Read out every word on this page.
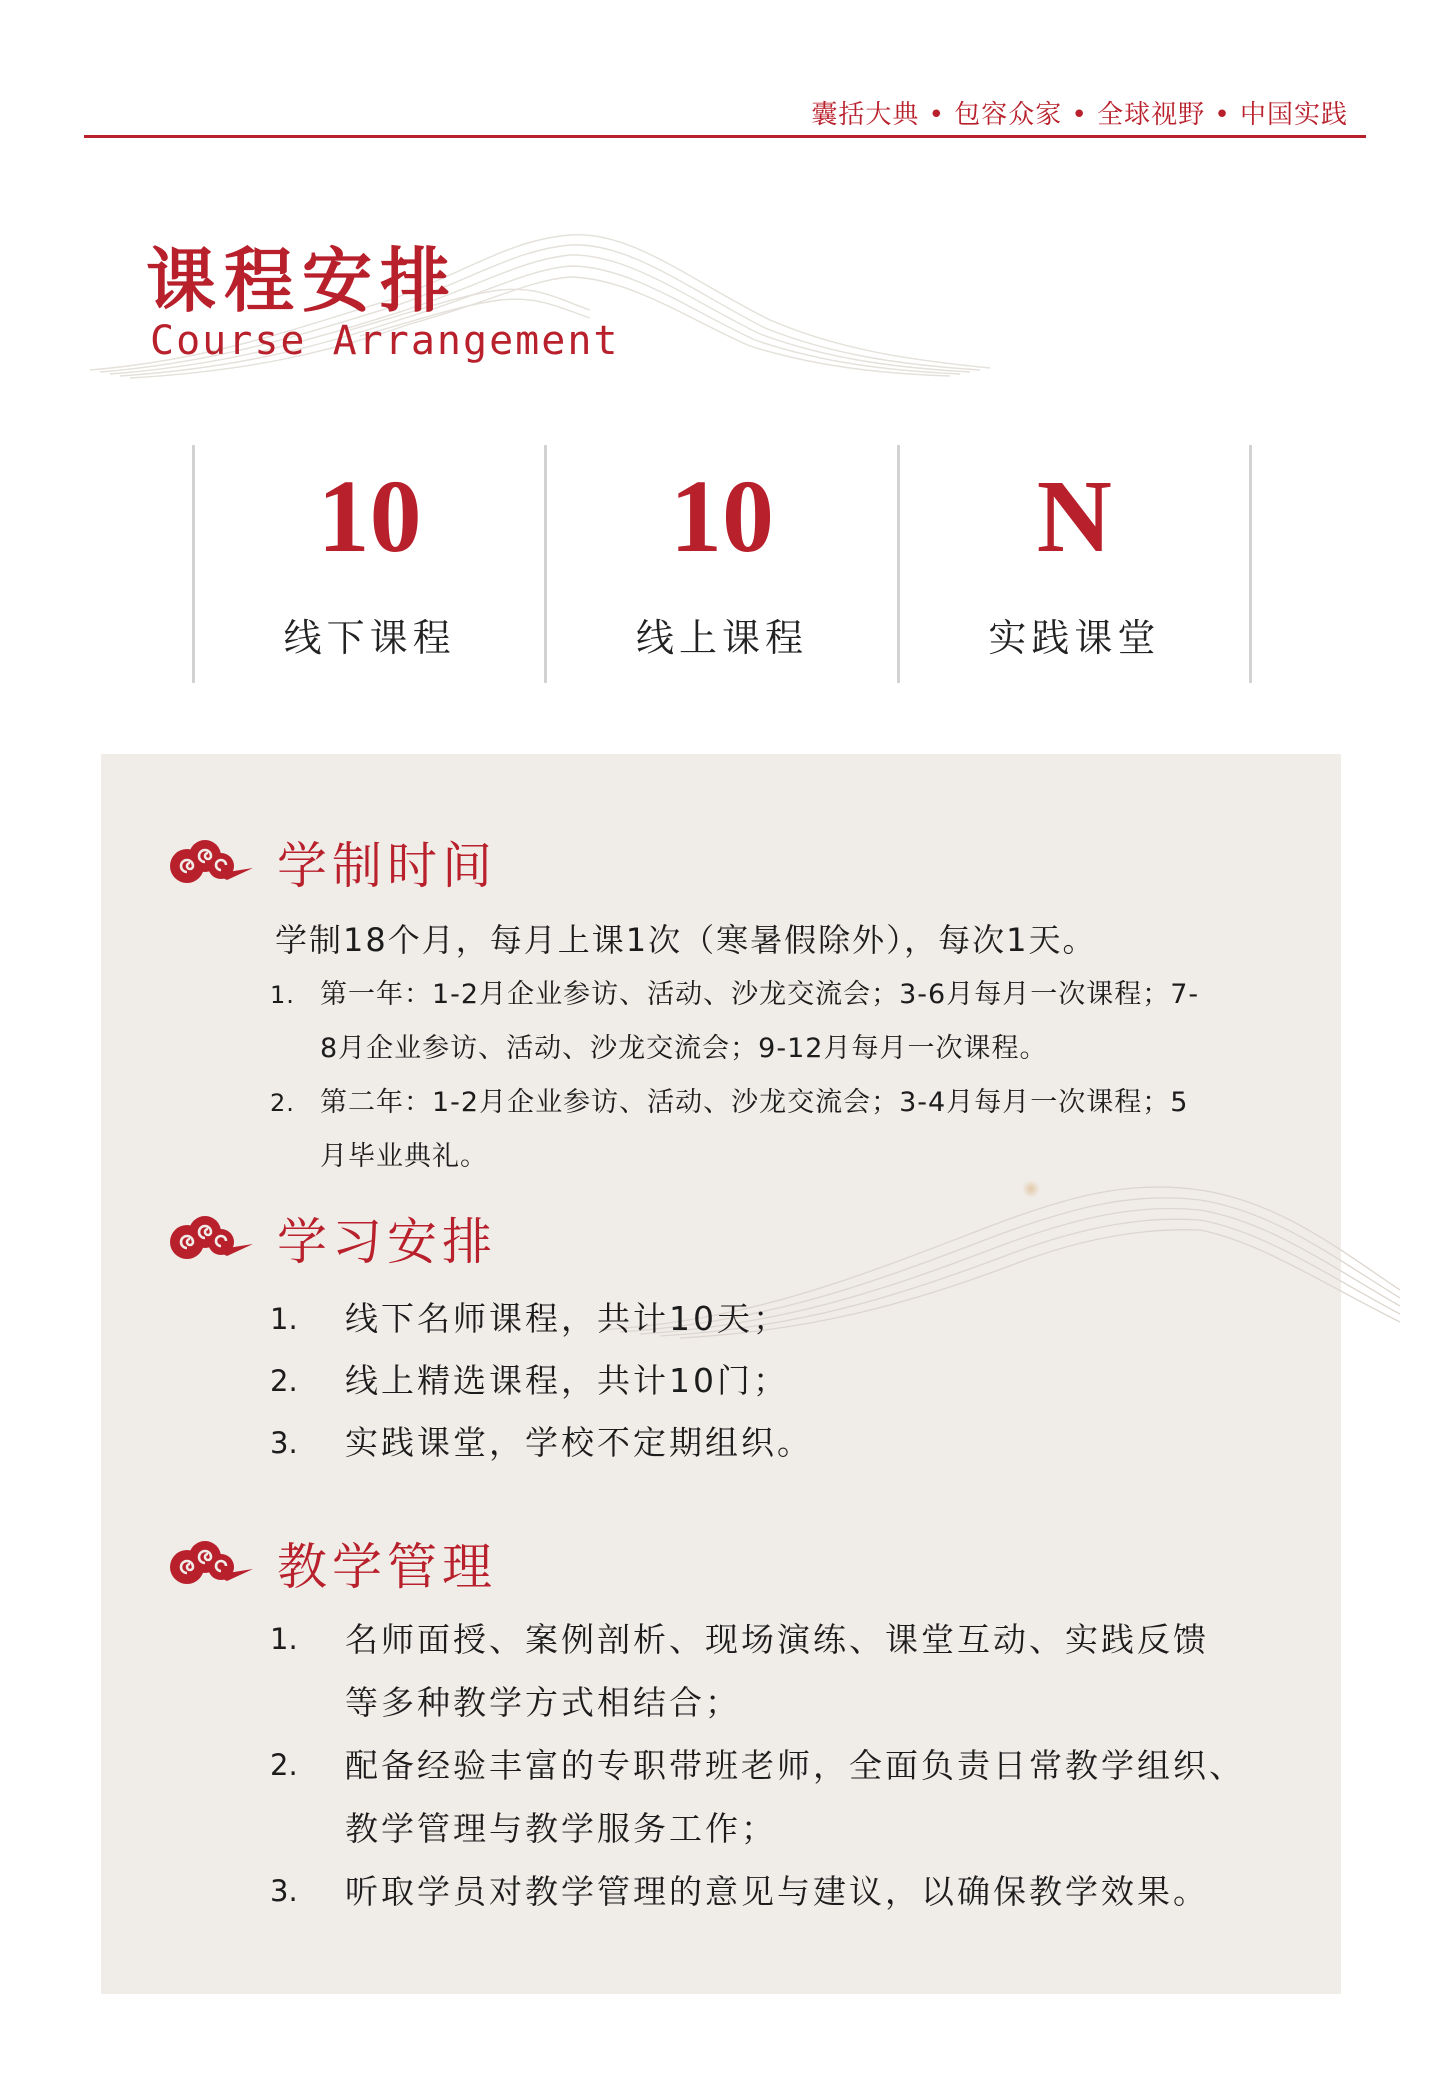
囊括大典 • 包容众家 • 全球视野 • 中国实践
课程安排
Course Arrangement
10
线下课程
10
线上课程
N
实践课堂
学制时间
学制18个月，每月上课1次（寒暑假除外），每次1天。
1. 第一年：1-2月企业参访、活动、沙龙交流会；3-6月每月一次课程；7-
8月企业参访、活动、沙龙交流会；9-12月每月一次课程。
2. 第二年：1-2月企业参访、活动、沙龙交流会；3-4月每月一次课程；5
月毕业典礼。
学习安排
1.	线下名师课程，共计10天；
2.	线上精选课程，共计10门；
3.	实践课堂，学校不定期组织。
教学管理
1.	名师面授、案例剖析、现场演练、课堂互动、实践反馈
等多种教学方式相结合；
2.	配备经验丰富的专职带班老师，全面负责日常教学组织、
教学管理与教学服务工作；
3.	听取学员对教学管理的意见与建议，以确保教学效果。
